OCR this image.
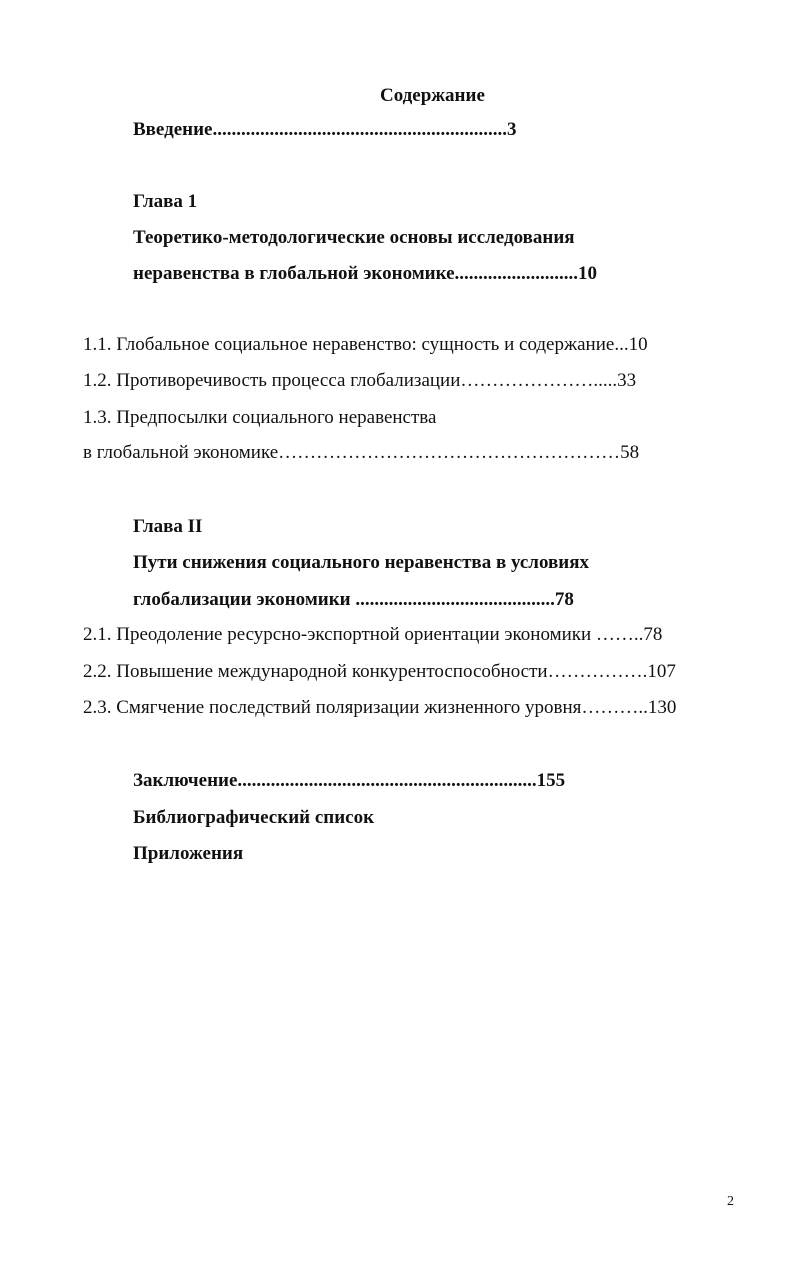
Содержание
Введение..............................................................3
Глава 1
Теоретико-методологические основы исследования
неравенства в глобальной экономике..........................10
1.1. Глобальное социальное неравенство: сущность и содержание...10
1.2. Противоречивость процесса глобализации………………….....33
1.3. Предпосылки социального неравенства
в глобальной экономике………………………………………………58
Глава II
Пути снижения социального неравенства в условиях
глобализации экономики ..........................................78
2.1. Преодоление ресурсно-экспортной ориентации экономики ……..78
2.2. Повышение международной конкурентоспособности…………….107
2.3. Смягчение последствий поляризации жизненного уровня………..130
Заключение...............................................................155
Библиографический список
Приложения
2
